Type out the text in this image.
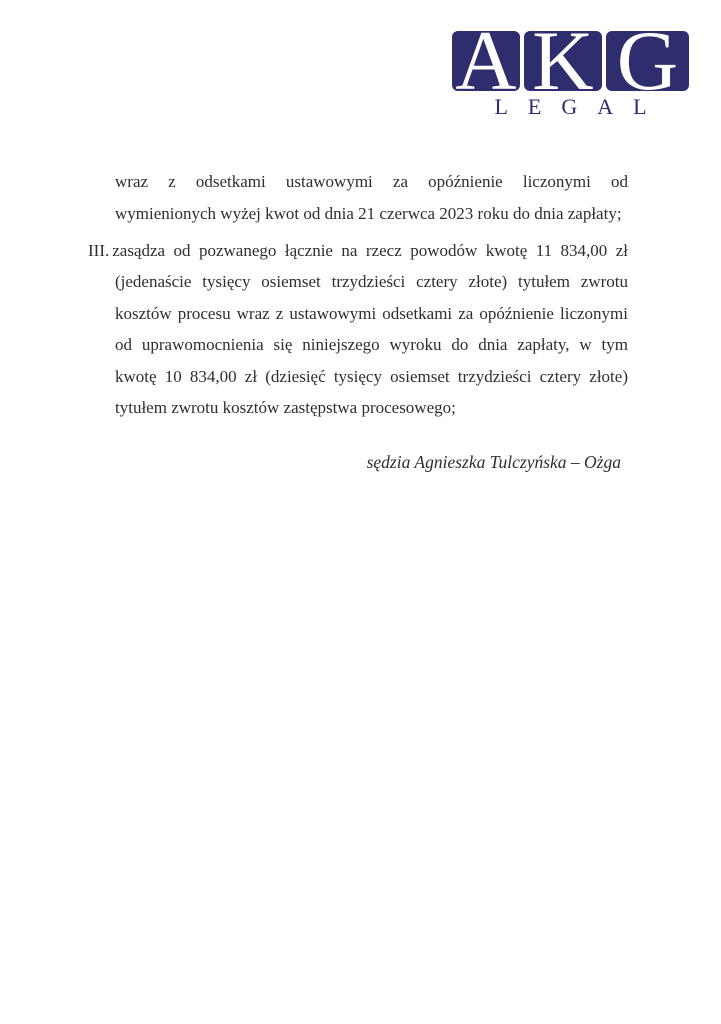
A K G
LEGAL
wraz z odsetkami ustawowymi za opóźnienie liczonymi od
wymienionych wyżej kwot od dnia 21 czerwca 2023 roku do dnia zapłaty;
III. zasądza od pozwanego łącznie na rzecz powodów kwotę 11 834,00 zł
(jedenaście tysięcy osiemset trzydzieści cztery złote) tytułem zwrotu
kosztów procesu wraz z ustawowymi odsetkami za opóźnienie liczonymi
od uprawomocnienia się niniejszego wyroku do dnia zapłaty, w tym
kwotę 10 834,00 zł (dziesięć tysięcy osiemset trzydzieści cztery złote)
tytułem zwrotu kosztów zastępstwa procesowego;
sędzia Agnieszka Tulczyńska – Ożga
